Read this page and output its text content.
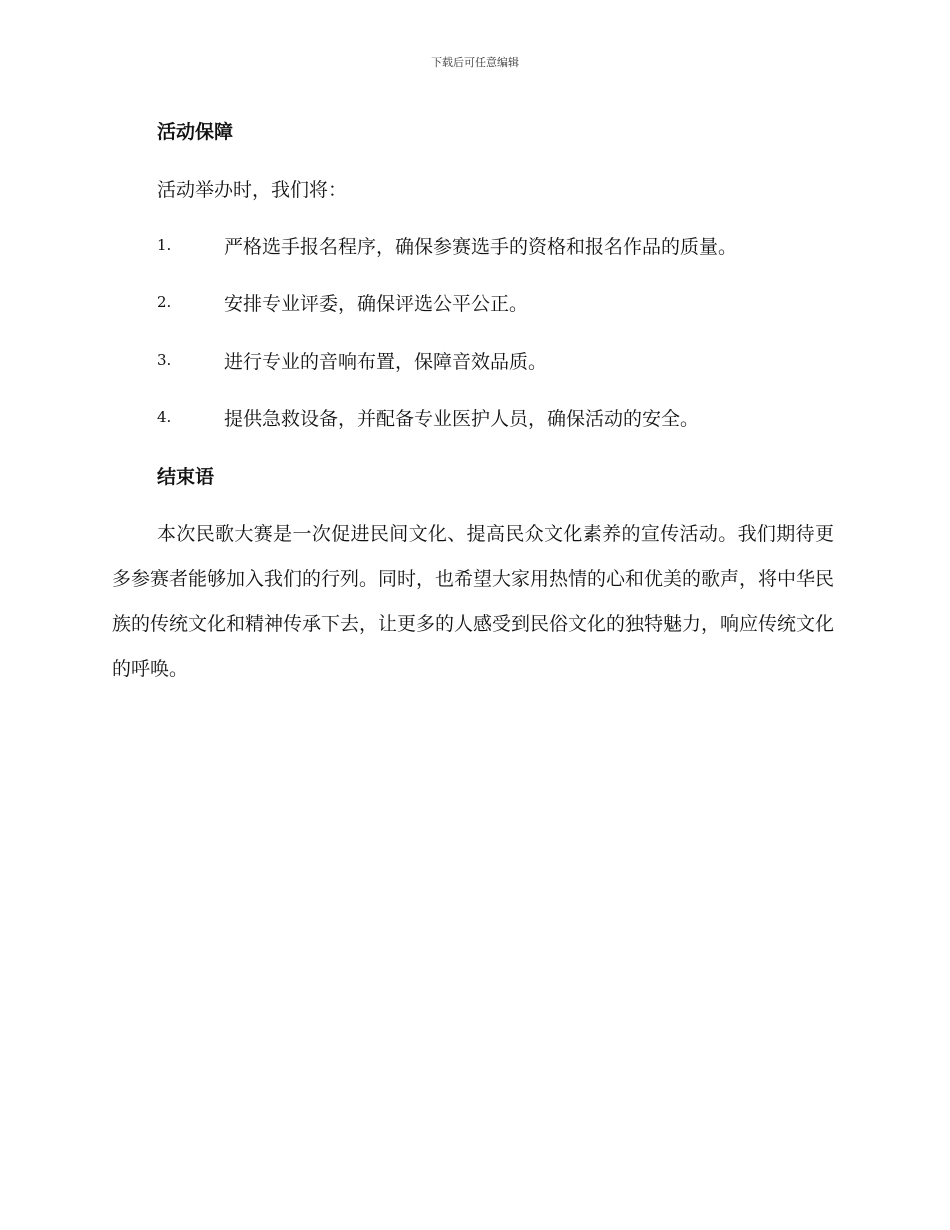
下载后可任意编辑
活动保障
活动举办时，我们将：
1.	严格选手报名程序，确保参赛选手的资格和报名作品的质量。
2.	安排专业评委，确保评选公平公正。
3.	进行专业的音响布置，保障音效品质。
4.	提供急救设备，并配备专业医护人员，确保活动的安全。
结束语
本次民歌大赛是一次促进民间文化、提高民众文化素养的宣传活动。我们期待更多参赛者能够加入我们的行列。同时，也希望大家用热情的心和优美的歌声，将中华民族的传统文化和精神传承下去，让更多的人感受到民俗文化的独特魅力，响应传统文化的呼唤。
